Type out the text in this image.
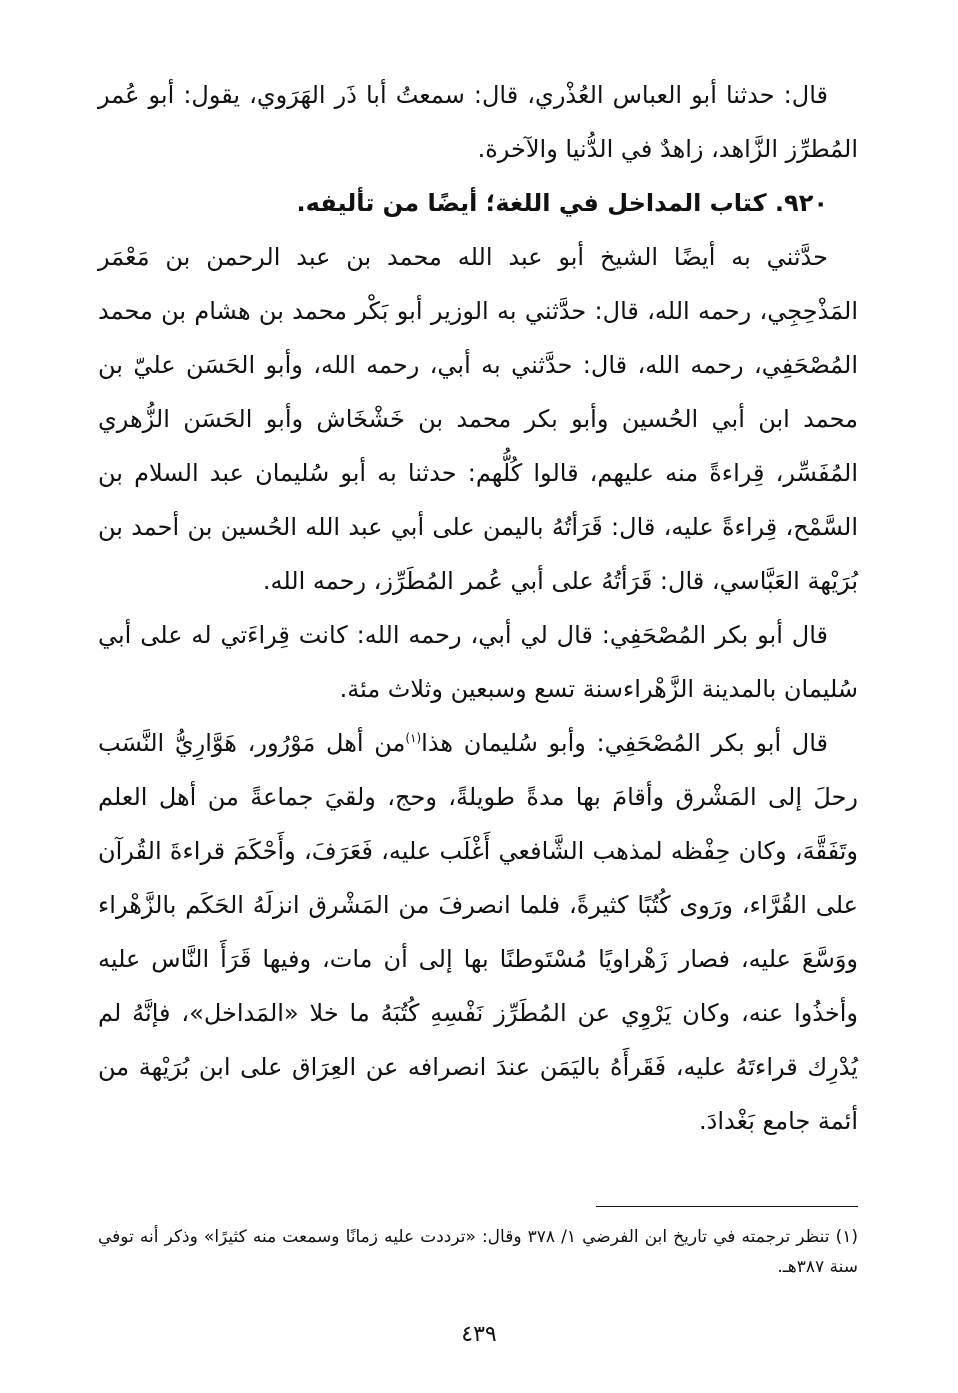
قال: حدثنا أبو العباس العُذْري، قال: سمعتُ أبا ذَر الهَرَوي، يقول: أبو عُمر المُطرِّز الزَّاهد، زاهدٌ في الدُّنيا والآخرة.

٩٢٠. كتاب المداخل في اللغة؛ أيضًا من تأليفه.

حدَّثني به أيضًا الشيخ أبو عبد الله محمد بن عبد الرحمن بن مَعْمَر المَذْحِجِي، رحمه الله، قال: حدَّثني به الوزير أبو بَكْر محمد بن هشام بن محمد المُصْحَفِي، رحمه الله، قال: حدَّثني به أبي، رحمه الله، وأبو الحَسَن عليّ بن محمد ابن أبي الحُسين وأبو بكر محمد بن خَشْخَاش وأبو الحَسَن الزُّهري المُفَسِّر، قِراءةً منه عليهم، قالوا كُلُّهم: حدثنا به أبو سُليمان عبد السلام بن السَّمْح، قِراءةً عليه، قال: قَرَأتُهُ باليمن على أبي عبد الله الحُسين بن أحمد بن بُرَيْهة العَبَّاسي، قال: قَرَأتُهُ على أبي عُمر المُطَرِّز، رحمه الله.

قال أبو بكر المُصْحَفِي: قال لي أبي، رحمه الله: كانت قِراءَتي له على أبي سُليمان بالمدينة الزَّهْراءسنة تسع وسبعين وثلاث مئة.

قال أبو بكر المُصْحَفِي: وأبو سُليمان هذا$^{(١)}$من أهل مَوْرُور، هَوَّارِيُّ النَّسَب رحلَ إلى المَشْرق وأقامَ بها مدةً طويلةً، وحج، ولقيَ جماعةً من أهل العلم وتَفَقَّهَ، وكان حِفْظه لمذهب الشَّافعي أَغْلَب عليه، فَعَرَفَ، وأَحْكَمَ قراءةَ القُرآن على القُرَّاء، ورَوى كُتُبًا كثيرةً، فلما انصرفَ من المَشْرق انزلَهُ الحَكَم بالزَّهْراء ووَسَّعَ عليه، فصار زَهْراويًا مُسْتَوطنًا بها إلى أن مات، وفيها قَرَأَ النَّاس عليه وأخذُوا عنه، وكان يَرْوِي عن المُطَرِّز نَفْسِهِ كُتُبَهُ ما خلا «المَداخل»، فإنَّهُ لم يُدْرِك قراءتَهُ عليه، فَقَرأَهُ باليَمَن عندَ انصرافه عن العِرَاق على ابن بُرَيْهة من أئمة جامع بَغْدادَ.

(١) تنظر ترجمته في تاريخ ابن الفرضي ١/ ٣٧٨ وقال: «ترددت عليه زمانًا وسمعت منه كثيرًا» وذكر أنه توفي سنة ٣٨٧هـ.

٤٣٩
